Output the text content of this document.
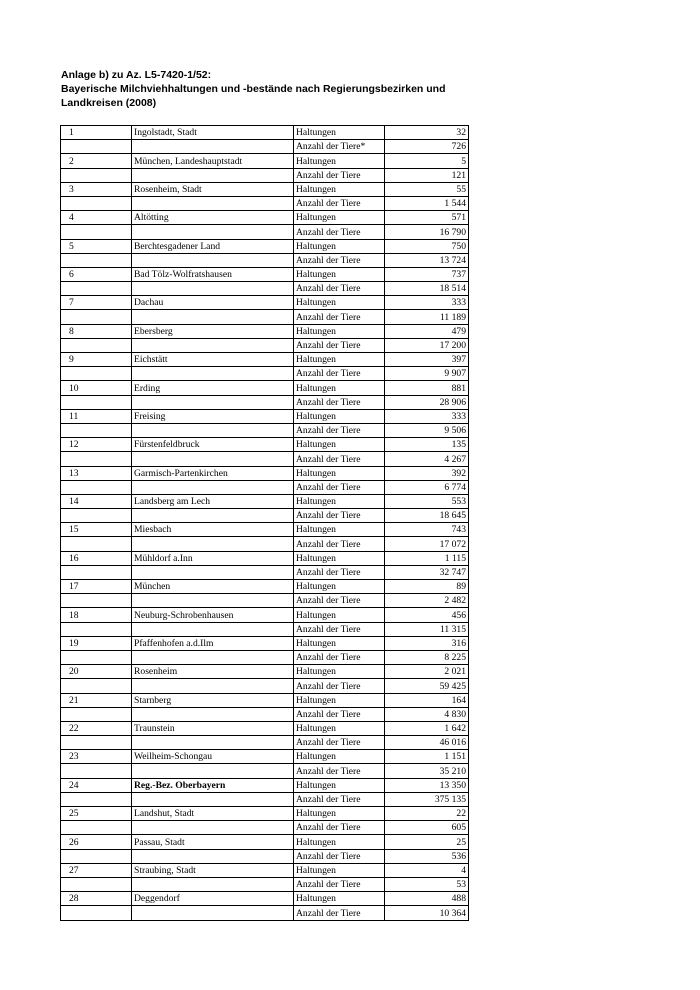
Anlage b) zu Az. L5-7420-1/52:
Bayerische Milchviehhaltungen und -bestände nach Regierungsbezirken und
Landkreisen (2008)
1	Ingolstadt, Stadt	Haltungen	32
		Anzahl der Tiere*	726
2	München, Landeshauptstadt	Haltungen	5
		Anzahl der Tiere	121
3	Rosenheim, Stadt	Haltungen	55
		Anzahl der Tiere	1 544
4	Altötting	Haltungen	571
		Anzahl der Tiere	16 790
5	Berchtesgadener Land	Haltungen	750
		Anzahl der Tiere	13 724
6	Bad Tölz-Wolfratshausen	Haltungen	737
		Anzahl der Tiere	18 514
7	Dachau	Haltungen	333
		Anzahl der Tiere	11 189
8	Ebersberg	Haltungen	479
		Anzahl der Tiere	17 200
9	Eichstätt	Haltungen	397
		Anzahl der Tiere	9 907
10	Erding	Haltungen	881
		Anzahl der Tiere	28 906
11	Freising	Haltungen	333
		Anzahl der Tiere	9 506
12	Fürstenfeldbruck	Haltungen	135
		Anzahl der Tiere	4 267
13	Garmisch-Partenkirchen	Haltungen	392
		Anzahl der Tiere	6 774
14	Landsberg am Lech	Haltungen	553
		Anzahl der Tiere	18 645
15	Miesbach	Haltungen	743
		Anzahl der Tiere	17 072
16	Mühldorf a.Inn	Haltungen	1 115
		Anzahl der Tiere	32 747
17	München	Haltungen	89
		Anzahl der Tiere	2 482
18	Neuburg-Schrobenhausen	Haltungen	456
		Anzahl der Tiere	11 315
19	Pfaffenhofen a.d.Ilm	Haltungen	316
		Anzahl der Tiere	8 225
20	Rosenheim	Haltungen	2 021
		Anzahl der Tiere	59 425
21	Starnberg	Haltungen	164
		Anzahl der Tiere	4 830
22	Traunstein	Haltungen	1 642
		Anzahl der Tiere	46 016
23	Weilheim-Schongau	Haltungen	1 151
		Anzahl der Tiere	35 210
24	Reg.-Bez. Oberbayern	Haltungen	13 350
		Anzahl der Tiere	375 135
25	Landshut, Stadt	Haltungen	22
		Anzahl der Tiere	605
26	Passau, Stadt	Haltungen	25
		Anzahl der Tiere	536
27	Straubing, Stadt	Haltungen	4
		Anzahl der Tiere	53
28	Deggendorf	Haltungen	488
		Anzahl der Tiere	10 364
